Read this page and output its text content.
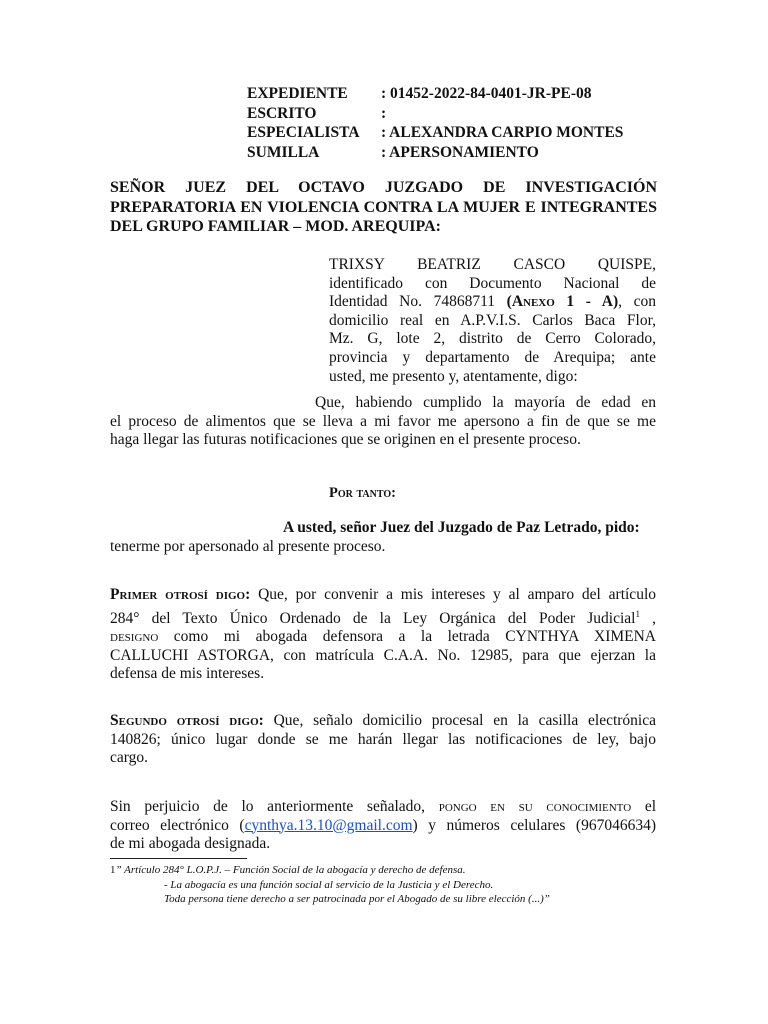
EXPEDIENTE	: 01452-2022-84-0401-JR-PE-08
ESCRITO	:
ESPECIALISTA	: ALEXANDRA CARPIO MONTES
SUMILLA	: APERSONAMIENTO
SEÑOR JUEZ DEL OCTAVO JUZGADO DE INVESTIGACIÓN
PREPARATORIA EN VIOLENCIA CONTRA LA MUJER E INTEGRANTES
DEL GRUPO FAMILIAR – MOD. AREQUIPA:
TRIXSY BEATRIZ CASCO QUISPE,
identificado con Documento Nacional de
Identidad No. 74868711 (Anexo 1 - A), con
domicilio real en A.P.V.I.S. Carlos Baca Flor,
Mz. G, lote 2, distrito de Cerro Colorado,
provincia y departamento de Arequipa; ante
usted, me presento y, atentamente, digo:
Que, habiendo cumplido la mayoría de edad en
el proceso de alimentos que se lleva a mi favor me apersono a fin de que se me
haga llegar las futuras notificaciones que se originen en el presente proceso.
Por tanto:
A usted, señor Juez del Juzgado de Paz Letrado, pido:
tenerme por apersonado al presente proceso.
Primer otrosí digo: Que, por convenir a mis intereses y al amparo del artículo
284° del Texto Único Ordenado de la Ley Orgánica del Poder Judicial$^1$ ,
designo como mi abogada defensora a la letrada CYNTHYA XIMENA
CALLUCHI ASTORGA, con matrícula C.A.A. No. 12985, para que ejerzan la
defensa de mis intereses.
Segundo otrosí digo: Que, señalo domicilio procesal en la casilla electrónica
140826; único lugar donde se me harán llegar las notificaciones de ley, bajo
cargo.
Sin perjuicio de lo anteriormente señalado, pongo en su conocimiento el
correo electrónico (cynthya.13.10@gmail.com) y números celulares (967046634)
de mi abogada designada.
1” Artículo 284° L.O.P.J. – Función Social de la abogacía y derecho de defensa.
- La abogacía es una función social al servicio de la Justicia y el Derecho.
Toda persona tiene derecho a ser patrocinada por el Abogado de su libre elección (...)”
